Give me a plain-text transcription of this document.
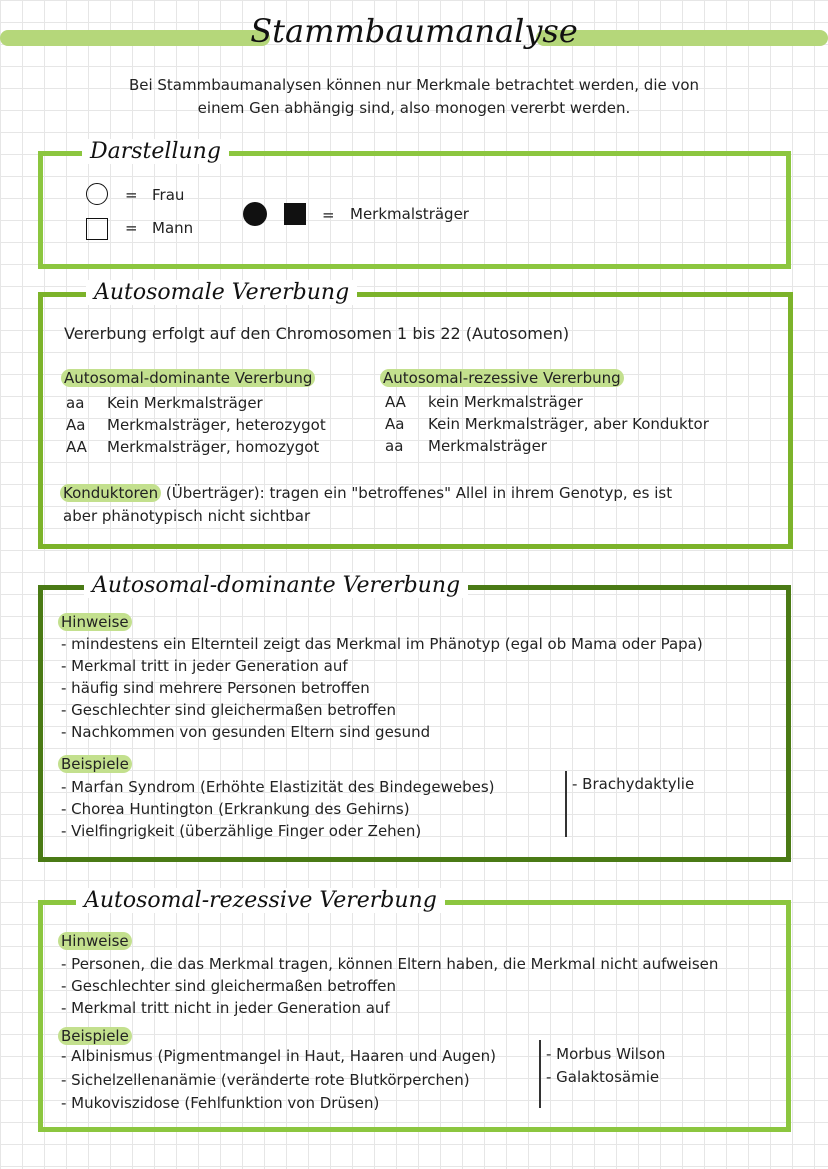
Stammbaumanalyse
Bei Stammbaumanalysen können nur Merkmale betrachtet werden, die von
einem Gen abhängig sind, also monogen vererbt werden.
Darstellung
= Frau
= Mann
= Merkmalsträger
Autosomale Vererbung
Vererbung erfolgt auf den Chromosomen 1 bis 22 (Autosomen)
Autosomal-dominante Vererbung
aa Kein Merkmalsträger
Aa Merkmalsträger, heterozygot
AA Merkmalsträger, homozygot
Autosomal-rezessive Vererbung
AA kein Merkmalsträger
Aa Kein Merkmalsträger, aber Konduktor
aa Merkmalsträger
Konduktoren (Überträger): tragen ein "betroffenes" Allel in ihrem Genotyp, es ist
aber phänotypisch nicht sichtbar
Autosomal-dominante Vererbung
Hinweise
- mindestens ein Elternteil zeigt das Merkmal im Phänotyp (egal ob Mama oder Papa)
- Merkmal tritt in jeder Generation auf
- häufig sind mehrere Personen betroffen
- Geschlechter sind gleichermaßen betroffen
- Nachkommen von gesunden Eltern sind gesund
Beispiele
- Marfan Syndrom (Erhöhte Elastizität des Bindegewebes)
- Chorea Huntington (Erkrankung des Gehirns)
- Vielfingrigkeit (überzählige Finger oder Zehen)
- Brachydaktylie
Autosomal-rezessive Vererbung
Hinweise
- Personen, die das Merkmal tragen, können Eltern haben, die Merkmal nicht aufweisen
- Geschlechter sind gleichermaßen betroffen
- Merkmal tritt nicht in jeder Generation auf
Beispiele
- Albinismus (Pigmentmangel in Haut, Haaren und Augen)
- Sichelzellenanämie (veränderte rote Blutkörperchen)
- Mukoviszidose (Fehlfunktion von Drüsen)
- Morbus Wilson
- Galaktosämie
